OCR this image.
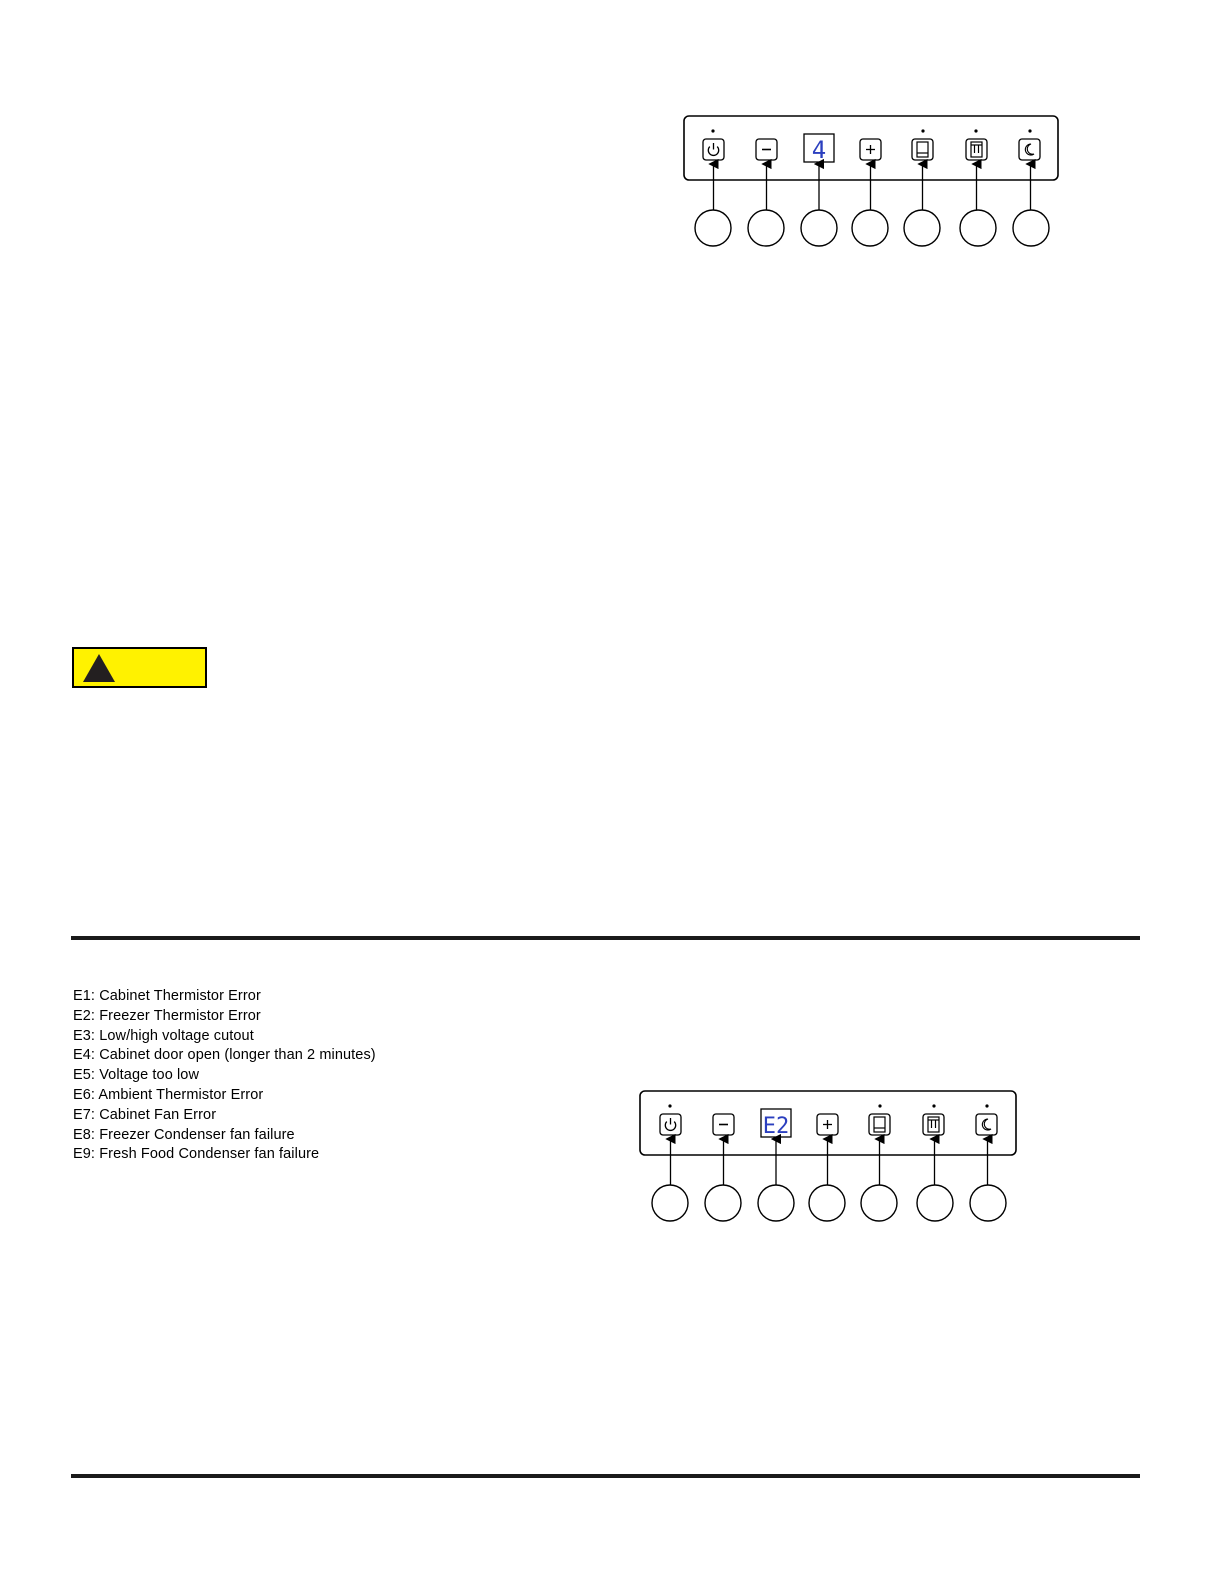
4
E1: Cabinet Thermistor Error
E2: Freezer Thermistor Error
E3: Low/high voltage cutout
E4: Cabinet door open (longer than 2 minutes)
E5: Voltage too low
E6: Ambient Thermistor Error
E7: Cabinet Fan Error
E8: Freezer Condenser fan failure
E9: Fresh Food Condenser fan failure
E2
